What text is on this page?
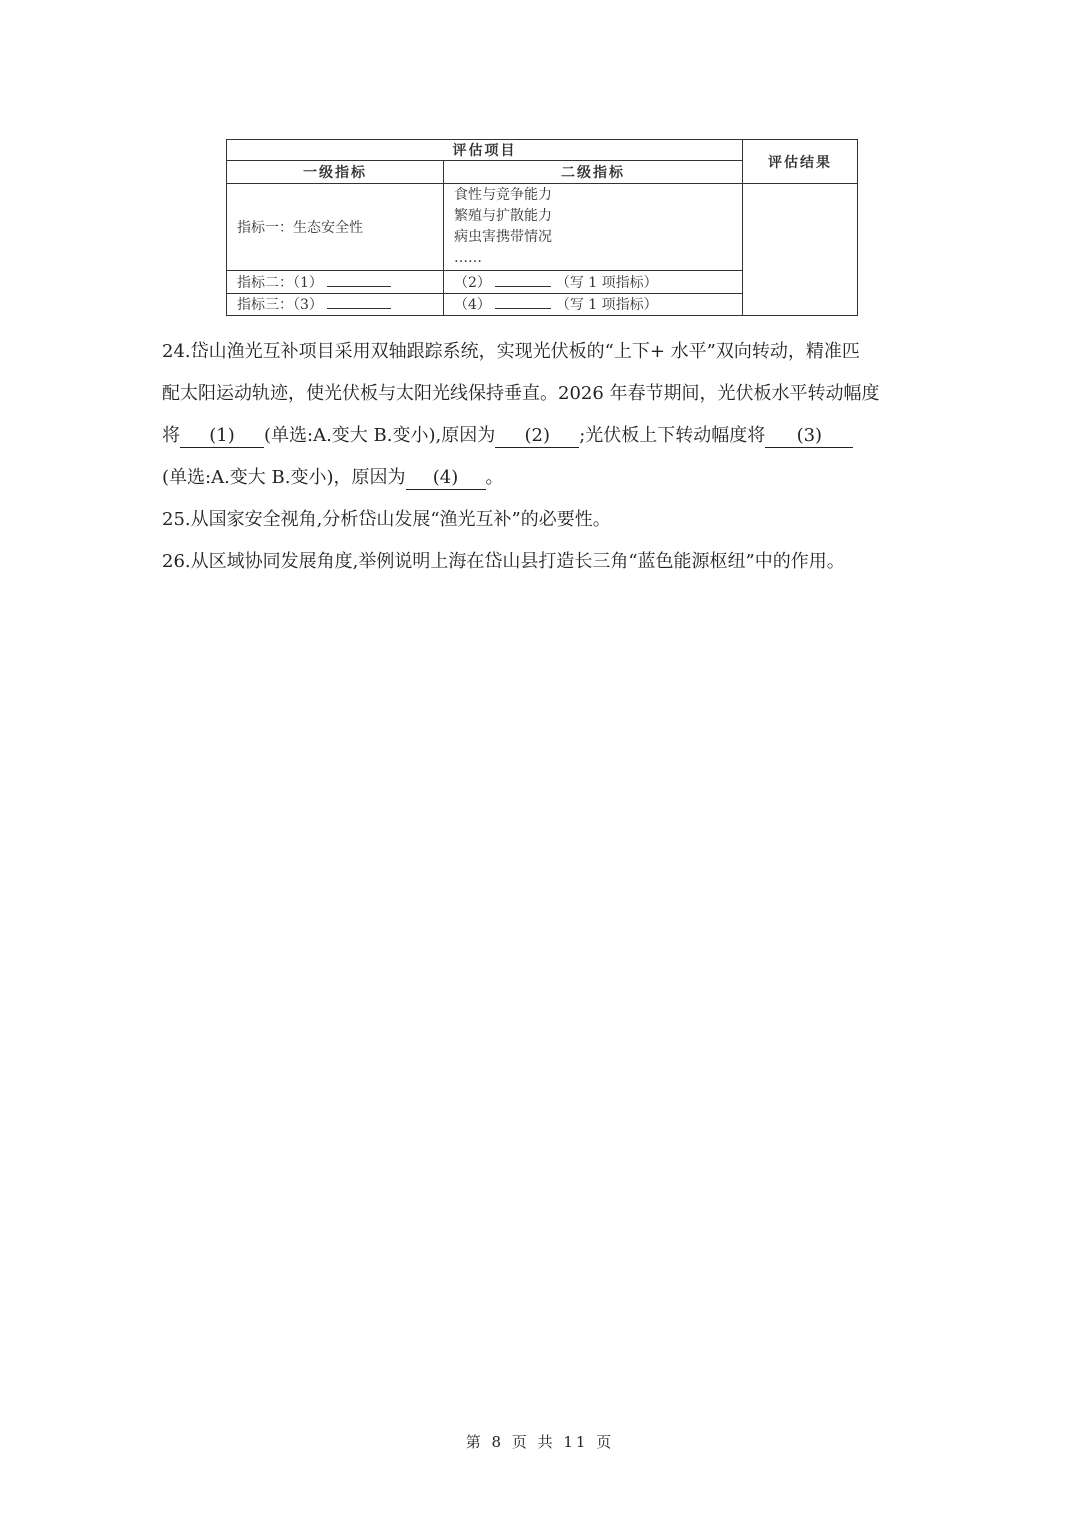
评估项目		评估结果
一级指标	二级指标	
指标一：生态安全性	食性与竞争能力
繁殖与扩散能力
病虫害携带情况
……	

指标二：（1）	（2） （写 1 项指标）	
指标三：（3）	（4） （写 1 项指标）	

24.岱山渔光互补项目采用双轴跟踪系统，实现光伏板的“上下+ 水平”双向转动，精准匹

配太阳运动轨迹，使光伏板与太阳光线保持垂直。2026 年春节期间，光伏板水平转动幅度

将 (1) (单选:A.变大 B.变小),原因为 (2) ;光伏板上下转动幅度将 (3)

(单选:A.变大 B.变小)，原因为 (4) 。

25.从国家安全视角,分析岱山发展“渔光互补”的必要性。
26.从区域协同发展角度,举例说明上海在岱山县打造长三角“蓝色能源枢纽”中的作用。
第 8 页 共 11 页
